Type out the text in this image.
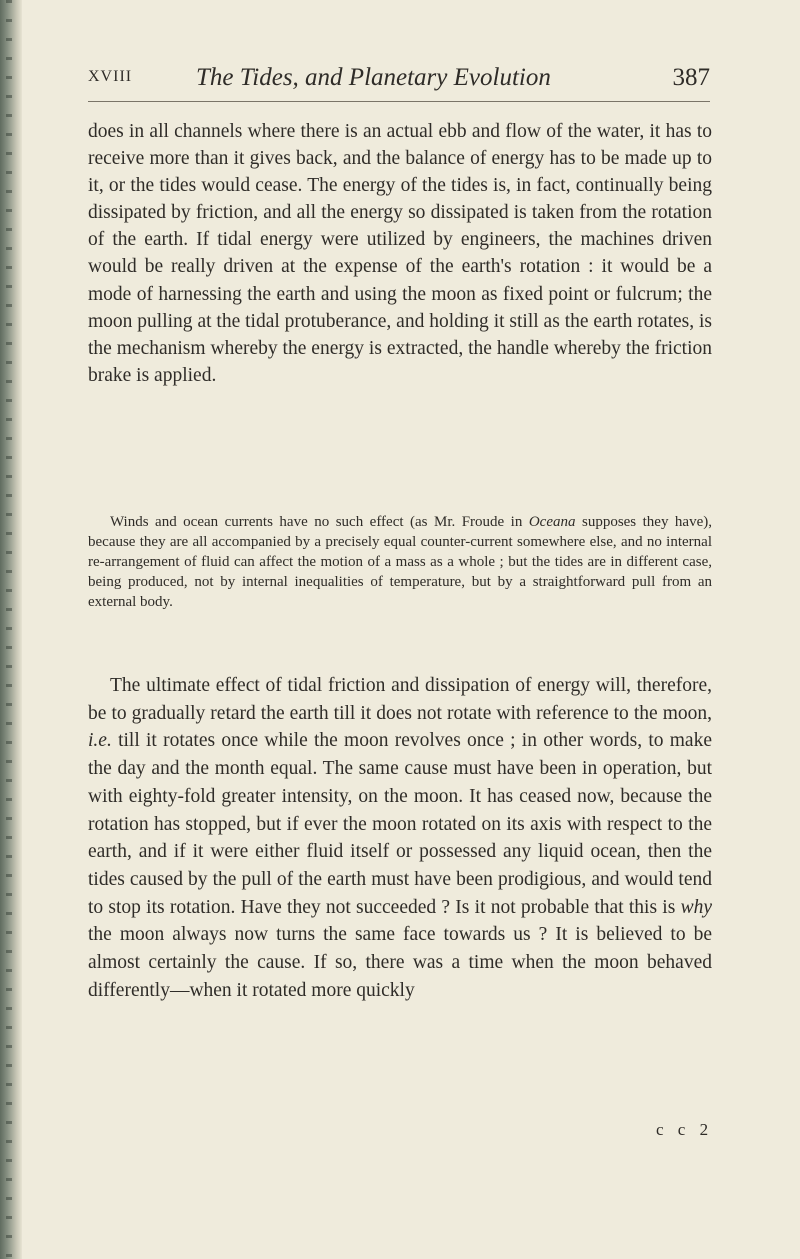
XVIII	The Tides, and Planetary Evolution	387

does in all channels where there is an actual ebb and flow of the water, it has to receive more than it gives back, and the balance of energy has to be made up to it, or the tides would cease. The energy of the tides is, in fact, continually being dissipated by friction, and all the energy so dissipated is taken from the rotation of the earth. If tidal energy were utilized by engineers, the machines driven would be really driven at the expense of the earth's rotation : it would be a mode of harnessing the earth and using the moon as fixed point or fulcrum; the moon pulling at the tidal protuberance, and holding it still as the earth rotates, is the mechanism whereby the energy is extracted, the handle whereby the friction brake is applied.

Winds and ocean currents have no such effect (as Mr. Froude in Oceana supposes they have), because they are all accompanied by a precisely equal counter-current somewhere else, and no internal re-arrangement of fluid can affect the motion of a mass as a whole ; but the tides are in different case, being produced, not by internal inequalities of temperature, but by a straightforward pull from an external body.

The ultimate effect of tidal friction and dissipation of energy will, therefore, be to gradually retard the earth till it does not rotate with reference to the moon, i.e. till it rotates once while the moon revolves once ; in other words, to make the day and the month equal. The same cause must have been in operation, but with eighty-fold greater intensity, on the moon. It has ceased now, because the rotation has stopped, but if ever the moon rotated on its axis with respect to the earth, and if it were either fluid itself or possessed any liquid ocean, then the tides caused by the pull of the earth must have been prodigious, and would tend to stop its rotation. Have they not succeeded ? Is it not probable that this is why the moon always now turns the same face towards us ? It is believed to be almost certainly the cause. If so, there was a time when the moon behaved differently—when it rotated more quickly

c c 2
